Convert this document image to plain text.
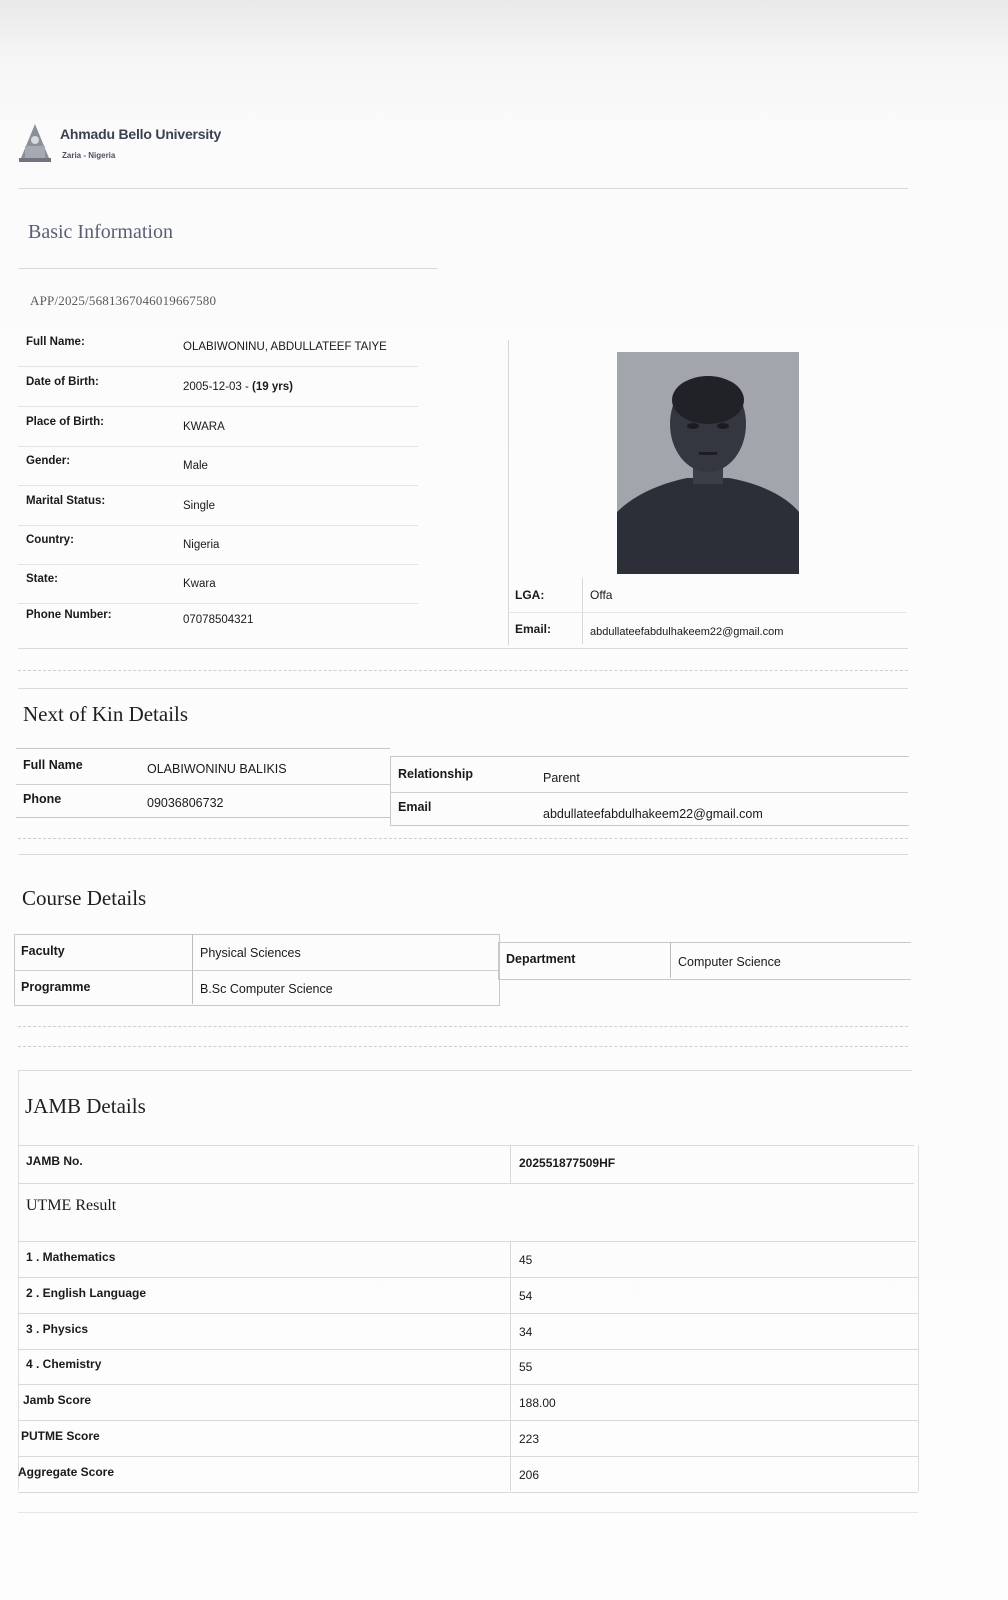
Ahmadu Bello University
Zaria - Nigeria
Basic Information
APP/2025/5681367046019667580
Full Name:	OLABIWONINU, ABDULLATEEF TAIYE
Date of Birth:	2005-12-03 - (19 yrs)
Place of Birth:	KWARA
Gender:	Male
Marital Status:	Single
Country:	Nigeria
State:	Kwara
Phone Number:	07078504321
LGA:	Offa
Email:	abdullateefabdulhakeem22@gmail.com
Next of Kin Details
Full Name	OLABIWONINU BALIKIS
Phone	09036806732
Relationship	Parent
Email	abdullateefabdulhakeem22@gmail.com
Course Details
Faculty	Physical Sciences
Programme	B.Sc Computer Science
Department	Computer Science
JAMB Details
JAMB No.	202551877509HF
UTME Result
1 . Mathematics	45
2 . English Language	54
3 . Physics	34
4 . Chemistry	55
Jamb Score	188.00
PUTME Score	223
Aggregate Score	206
